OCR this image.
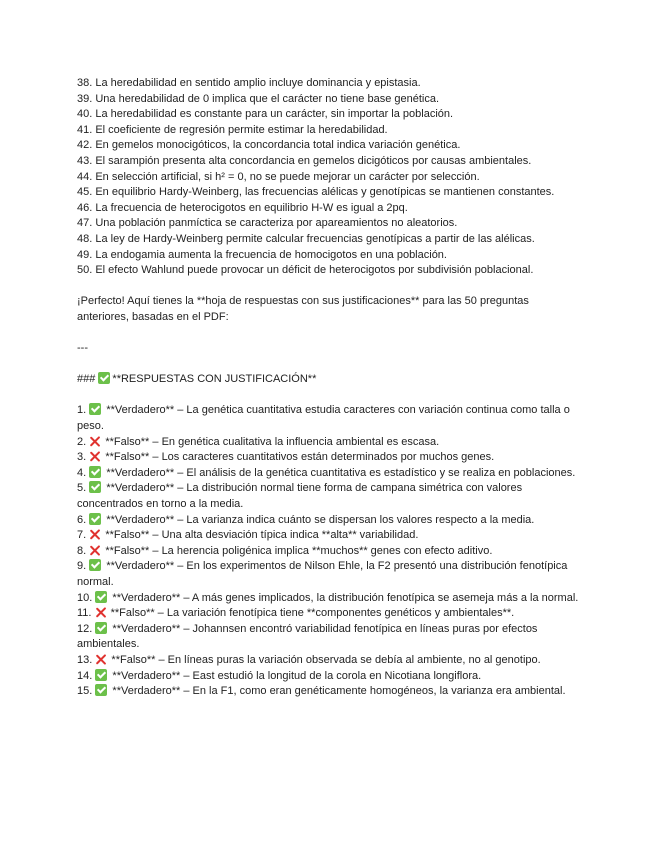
38. La heredabilidad en sentido amplio incluye dominancia y epistasia.

39. Una heredabilidad de 0 implica que el carácter no tiene base genética.

40. La heredabilidad es constante para un carácter, sin importar la población.

41. El coeficiente de regresión permite estimar la heredabilidad.

42. En gemelos monocigóticos, la concordancia total indica variación genética.

43. El sarampión presenta alta concordancia en gemelos dicigóticos por causas ambientales.

44. En selección artificial, si h² = 0, no se puede mejorar un carácter por selección.

45. En equilibrio Hardy-Weinberg, las frecuencias alélicas y genotípicas se mantienen constantes.

46. La frecuencia de heterocigotos en equilibrio H-W es igual a 2pq.

47. Una población panmíctica se caracteriza por apareamientos no aleatorios.

48. La ley de Hardy-Weinberg permite calcular frecuencias genotípicas a partir de las alélicas.

49. La endogamia aumenta la frecuencia de homocigotos en una población.

50. El efecto Wahlund puede provocar un déficit de heterocigotos por subdivisión poblacional.

¡Perfecto! Aquí tienes la **hoja de respuestas con sus justificaciones** para las 50 preguntas anteriores, basadas en el PDF:

---

### **RESPUESTAS CON JUSTIFICACIÓN**

1. **Verdadero** – La genética cuantitativa estudia caracteres con variación continua como talla o peso.

2. **Falso** – En genética cualitativa la influencia ambiental es escasa.

3. **Falso** – Los caracteres cuantitativos están determinados por muchos genes.

4. **Verdadero** – El análisis de la genética cuantitativa es estadístico y se realiza en poblaciones.

5. **Verdadero** – La distribución normal tiene forma de campana simétrica con valores concentrados en torno a la media.

6. **Verdadero** – La varianza indica cuánto se dispersan los valores respecto a la media.

7. **Falso** – Una alta desviación típica indica **alta** variabilidad.

8. **Falso** – La herencia poligénica implica **muchos** genes con efecto aditivo.

9. **Verdadero** – En los experimentos de Nilson Ehle, la F2 presentó una distribución fenotípica normal.

10. **Verdadero** – A más genes implicados, la distribución fenotípica se asemeja más a la normal.

11. **Falso** – La variación fenotípica tiene **componentes genéticos y ambientales**.

12. **Verdadero** – Johannsen encontró variabilidad fenotípica en líneas puras por efectos ambientales.

13. **Falso** – En líneas puras la variación observada se debía al ambiente, no al genotipo.

14. **Verdadero** – East estudió la longitud de la corola en Nicotiana longiflora.

15. **Verdadero** – En la F1, como eran genéticamente homogéneos, la varianza era ambiental.
